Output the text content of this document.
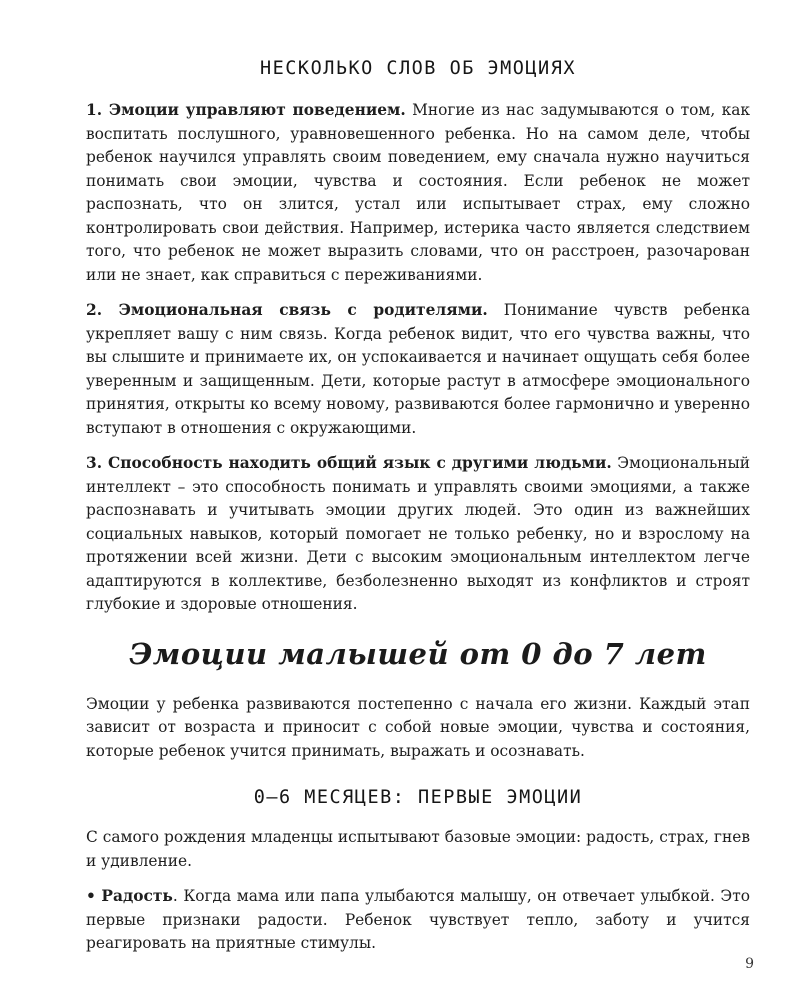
НЕСКОЛЬКО СЛОВ ОБ ЭМОЦИЯХ

1. Эмоции управляют поведением. Многие из нас задумываются о том, как воспитать послушного, уравновешенного ребенка. Но на самом деле, чтобы ребенок научился управлять своим поведением, ему сначала нужно научиться понимать свои эмоции, чувства и состояния. Если ребенок не может распознать, что он злится, устал или испытывает страх, ему сложно контролировать свои действия. Например, истерика часто является следствием того, что ребенок не может выразить словами, что он расстроен, разочарован или не знает, как справиться с переживаниями.

2. Эмоциональная связь с родителями. Понимание чувств ребенка укрепляет вашу с ним связь. Когда ребенок видит, что его чувства важны, что вы слышите и принимаете их, он успокаивается и начинает ощущать себя более уверенным и защищенным. Дети, которые растут в атмосфере эмоционального принятия, открыты ко всему новому, развиваются более гармонично и уверенно вступают в отношения с окружающими.

3. Способность находить общий язык с другими людьми. Эмоциональный интеллект – это способность понимать и управлять своими эмоциями, а также распознавать и учитывать эмоции других людей. Это один из важнейших социальных навыков, который помогает не только ребенку, но и взрослому на протяжении всей жизни. Дети с высоким эмоциональным интеллектом легче адаптируются в коллективе, безболезненно выходят из конфликтов и строят глубокие и здоровые отношения.

Эмоции малышей от 0 до 7 лет

Эмоции у ребенка развиваются постепенно с начала его жизни. Каждый этап зависит от возраста и приносит с собой новые эмоции, чувства и состояния, которые ребенок учится принимать, выражать и осознавать.

0–6 МЕСЯЦЕВ: ПЕРВЫЕ ЭМОЦИИ

С самого рождения младенцы испытывают базовые эмоции: радость, страх, гнев и удивление.

• Радость. Когда мама или папа улыбаются малышу, он отвечает улыбкой. Это первые признаки радости. Ребенок чувствует тепло, заботу и учится реагировать на приятные стимулы.

9
